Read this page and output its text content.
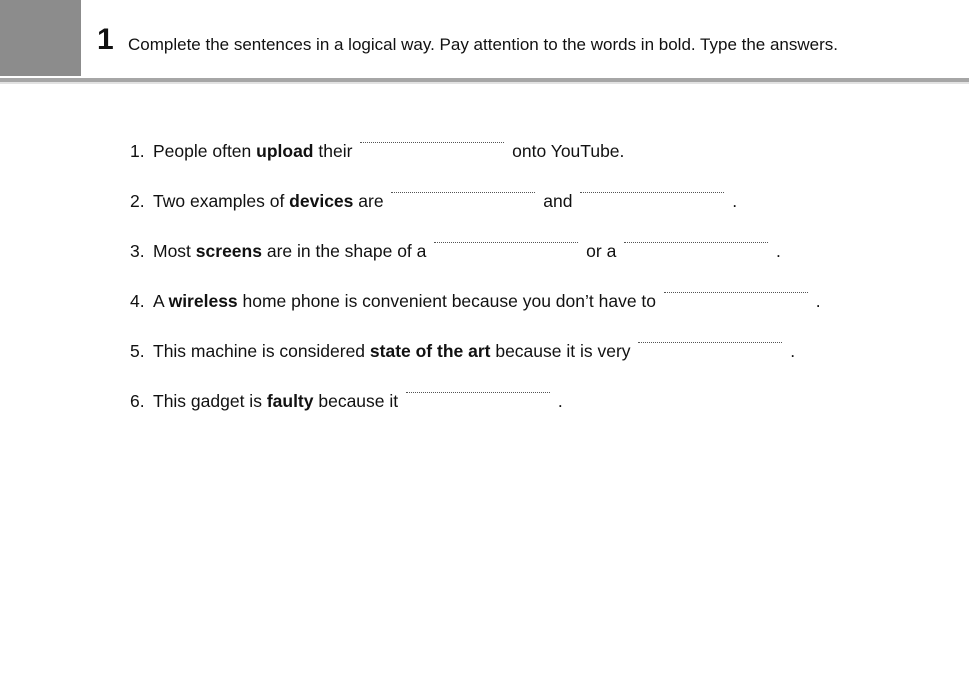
1 Complete the sentences in a logical way. Pay attention to the words in bold. Type the answers.
1. People often upload their	onto YouTube.
2. Two examples of devices are	and	.
3. Most screens are in the shape of a	or a	.
4. A wireless home phone is convenient because you don’t have to	.
5. This machine is considered state of the art because it is very	.
6. This gadget is faulty because it	.
